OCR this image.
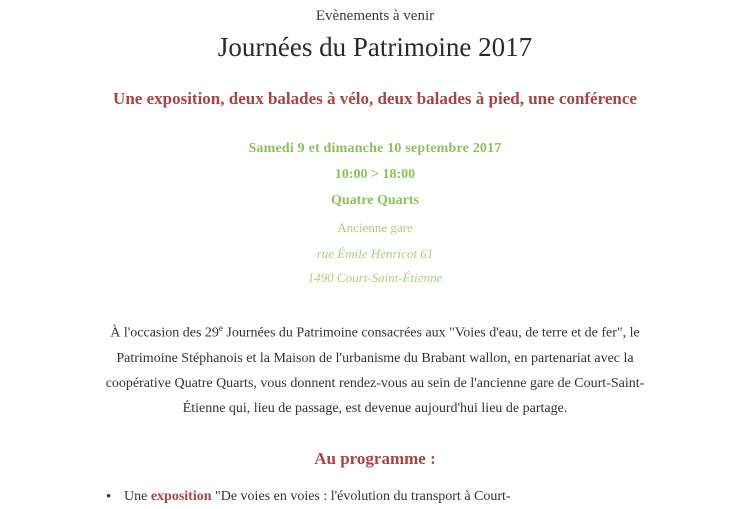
Evènements à venir
Journées du Patrimoine 2017
Une exposition, deux balades à vélo, deux balades à pied, une conférence
Samedi 9 et dimanche 10 septembre 2017
10:00 > 18:00
Quatre Quarts
Ancienne gare
rue Émile Henricot 61
1490 Court-Saint-Étienne

À l'occasion des 29e Journées du Patrimoine consacrées aux "Voies d'eau, de terre et de fer", le Patrimoine Stéphanois et la Maison de l'urbanisme du Brabant wallon, en partenariat avec la coopérative Quatre Quarts, vous donnent rendez-vous au sein de l'ancienne gare de Court-Saint-Étienne qui, lieu de passage, est devenue aujourd'hui lieu de partage.

Au programme :
• Une exposition "De voies en voies : l'évolution du transport à Court-
